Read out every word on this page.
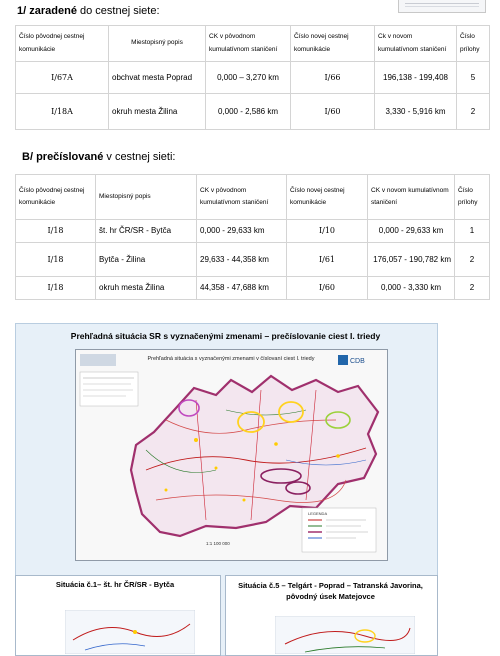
1/ zaradené do cestnej siete:
Číslo pôvodnej cestnej komunikácie	Miestopisný popis	CK v pôvodnom kumulatívnom staničení	Číslo novej cestnej komunikácie	Ck v novom kumulatívnom staničení	Číslo prílohy
I/67A	obchvat mesta Poprad	0,000 – 3,270 km	I/66	196,138 - 199,408	5
I/18A	okruh mesta Žilina	0,000 - 2,586 km	I/60	3,330 - 5,916 km	2
B/ prečíslované v cestnej sieti:
Číslo pôvodnej cestnej komunikácie	Miestopisný popis	CK v pôvodnom kumulatívnom staničení	Číslo novej cestnej komunikácie	CK v novom kumulatívnom staničení	Číslo prílohy
I/18	št. hr ČR/SR - Bytča	0,000 - 29,633 km	I/10	0,000 - 29,633 km	1
I/18	Bytča - Žilina	29,633 - 44,358 km	I/61	176,057 - 190,782 km	2
I/18	okruh mesta Žilina	44,358 - 47,688 km	I/60	0,000 - 3,330 km	2
Prehľadná situácia SR s vyznačenými zmenami – prečíslovanie ciest I. triedy
CDB
Prehľadná situácia s vyznačenými zmenami v číslovaní ciest I. triedy
LEGENDA
1:1 100 000
Situácia č.1– št. hr ČR/SR - Bytča	Situácia č.5 – Telgárt - Poprad – Tatranská Javorina, pôvodný úsek Matejovce
